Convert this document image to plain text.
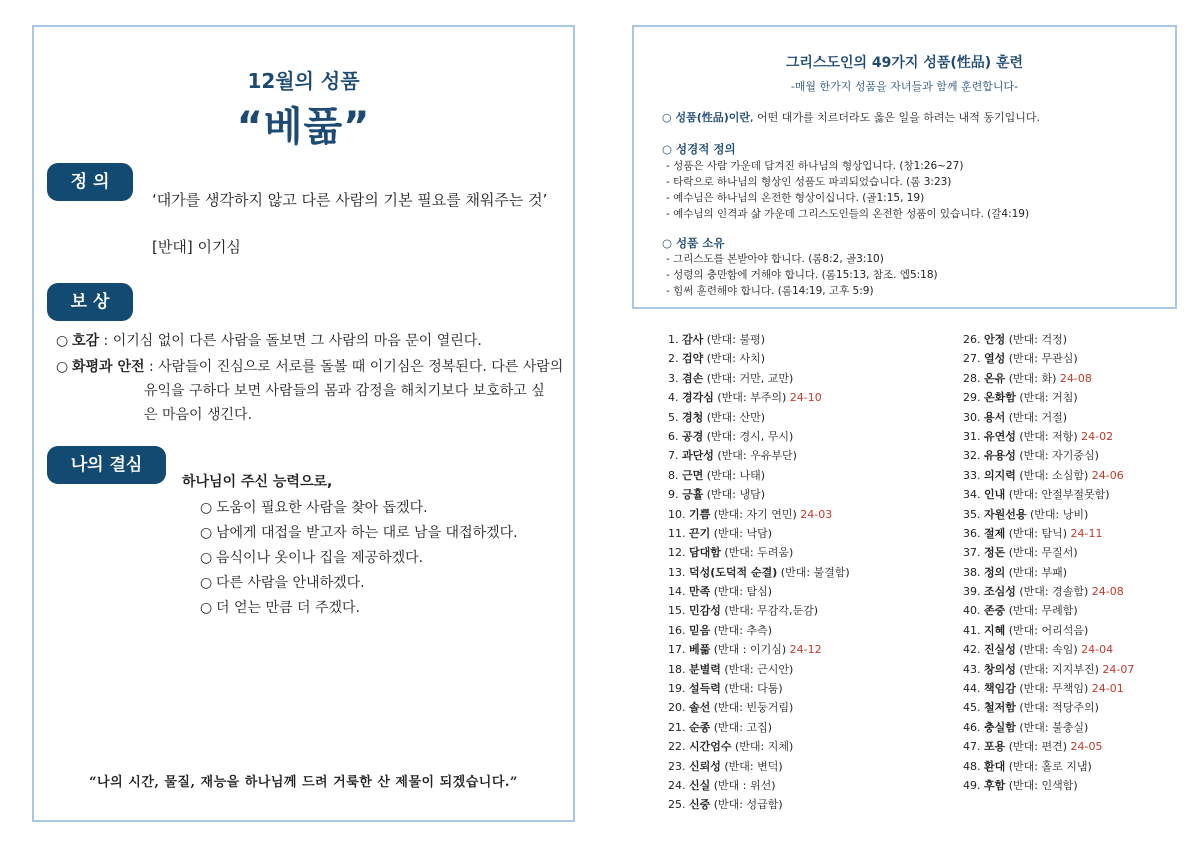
12월의 성품
“베풂”
정 의
‘대가를 생각하지 않고 다른 사람의 기본 필요를 채워주는 것’
[반대] 이기심
보 상
○ 호감 : 이기심 없이 다른 사람을 돌보면 그 사람의 마음 문이 열린다.
○ 화평과 안전 : 사람들이 진심으로 서로를 돌볼 때 이기심은 정복된다. 다른 사람의
유익을 구하다 보면 사람들의 몸과 감정을 해치기보다 보호하고 싶은 마음이 생긴다.
나의 결심
하나님이 주신 능력으로,
○ 도움이 필요한 사람을 찾아 돕겠다.
○ 남에게 대접을 받고자 하는 대로 남을 대접하겠다.
○ 음식이나 옷이나 집을 제공하겠다.
○ 다른 사람을 안내하겠다.
○ 더 얻는 만큼 더 주겠다.
“나의 시간, 물질, 재능을 하나님께 드려 거룩한 산 제물이 되겠습니다.”
그리스도인의 49가지 성품(性品) 훈련
-매월 한가지 성품을 자녀들과 함께 훈련합니다-
○ 성품(性品)이란, 어떤 대가를 치르더라도 옳은 일을 하려는 내적 동기입니다.
○ 성경적 정의
- 성품은 사람 가운데 담겨진 하나님의 형상입니다. (창1:26~27)
- 타락으로 하나님의 형상인 성품도 파괴되었습니다. (롬 3:23)
- 예수님은 하나님의 온전한 형상이십니다. (골1:15, 19)
- 예수님의 인격과 삶 가운데 그리스도인들의 온전한 성품이 있습니다. (갈4:19)
○ 성품 소유
- 그리스도를 본받아야 합니다. (롬8:2, 골3:10)
- 성령의 충만함에 거해야 합니다. (롬15:13, 참조. 엡5:18)
- 힘써 훈련해야 합니다. (롬14:19, 고후 5:9)
1. 감사 (반대: 불평)
2. 검약 (반대: 사치)
3. 겸손 (반대: 거만, 교만)
4. 경각심 (반대: 부주의) 24-10
5. 경청 (반대: 산만)
6. 공경 (반대: 경시, 무시)
7. 과단성 (반대: 우유부단)
8. 근면 (반대: 나태)
9. 긍휼 (반대: 냉담)
10. 기쁨 (반대: 자기 연민) 24-03
11. 끈기 (반대: 낙담)
12. 담대함 (반대: 두려움)
13. 덕성(도덕적 순결) (반대: 불결함)
14. 만족 (반대: 탐심)
15. 민감성 (반대: 무감각,둔감)
16. 믿음 (반대: 추측)
17. 베풂 (반대 : 이기심) 24-12
18. 분별력 (반대: 근시안)
19. 설득력 (반대: 다툼)
20. 솔선 (반대: 빈둥거림)
21. 순종 (반대: 고집)
22. 시간엄수 (반대: 지체)
23. 신뢰성 (반대: 변덕)
24. 신실 (반대 : 위선)
25. 신중 (반대: 성급함)
26. 안정 (반대: 걱정)
27. 열성 (반대: 무관심)
28. 온유 (반대: 화) 24-08
29. 온화함 (반대: 거침)
30. 용서 (반대: 거절)
31. 유연성 (반대: 저항) 24-02
32. 유용성 (반대: 자기중심)
33. 의지력 (반대: 소심함) 24-06
34. 인내 (반대: 안절부절못함)
35. 자원선용 (반대: 낭비)
36. 절제 (반대: 탐닉) 24-11
37. 정돈 (반대: 무질서)
38. 정의 (반대: 부패)
39. 조심성 (반대: 경솔함) 24-08
40. 존중 (반대: 무례함)
41. 지혜 (반대: 어리석음)
42. 진실성 (반대: 속임) 24-04
43. 창의성 (반대: 지지부진) 24-07
44. 책임감 (반대: 무책임) 24-01
45. 철저함 (반대: 적당주의)
46. 충실함 (반대: 불충실)
47. 포용 (반대: 편견) 24-05
48. 환대 (반대: 홀로 지냄)
49. 후함 (반대: 인색함)
